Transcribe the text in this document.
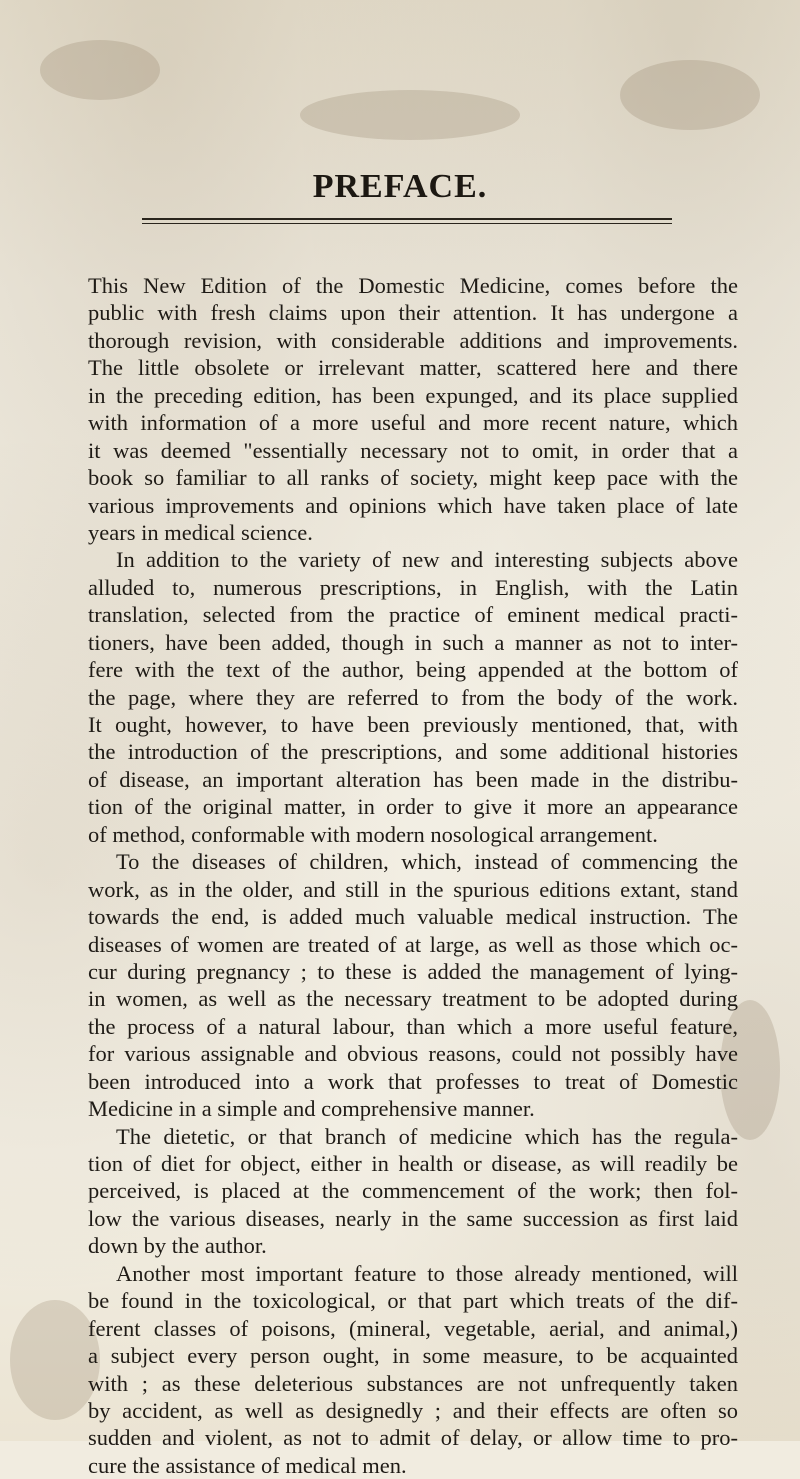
PREFACE.
This New Edition of the Domestic Medicine, comes before the
public with fresh claims upon their attention. It has undergone a
thorough revision, with considerable additions and improvements.
The little obsolete or irrelevant matter, scattered here and there
in the preceding edition, has been expunged, and its place supplied
with information of a more useful and more recent nature, which
it was deemed "essentially necessary not to omit, in order that a
book so familiar to all ranks of society, might keep pace with the
various improvements and opinions which have taken place of late
years in medical science.
In addition to the variety of new and interesting subjects above
alluded to, numerous prescriptions, in English, with the Latin
translation, selected from the practice of eminent medical practi-
tioners, have been added, though in such a manner as not to inter-
fere with the text of the author, being appended at the bottom of
the page, where they are referred to from the body of the work.
It ought, however, to have been previously mentioned, that, with
the introduction of the prescriptions, and some additional histories
of disease, an important alteration has been made in the distribu-
tion of the original matter, in order to give it more an appearance
of method, conformable with modern nosological arrangement.
To the diseases of children, which, instead of commencing the
work, as in the older, and still in the spurious editions extant, stand
towards the end, is added much valuable medical instruction. The
diseases of women are treated of at large, as well as those which oc-
cur during pregnancy ; to these is added the management of lying-
in women, as well as the necessary treatment to be adopted during
the process of a natural labour, than which a more useful feature,
for various assignable and obvious reasons, could not possibly have
been introduced into a work that professes to treat of Domestic
Medicine in a simple and comprehensive manner.
The dietetic, or that branch of medicine which has the regula-
tion of diet for object, either in health or disease, as will readily be
perceived, is placed at the commencement of the work; then fol-
low the various diseases, nearly in the same succession as first laid
down by the author.
Another most important feature to those already mentioned, will
be found in the toxicological, or that part which treats of the dif-
ferent classes of poisons, (mineral, vegetable, aerial, and animal,)
a subject every person ought, in some measure, to be acquainted
with ; as these deleterious substances are not unfrequently taken
by accident, as well as designedly ; and their effects are often so
sudden and violent, as not to admit of delay, or allow time to pro-
cure the assistance of medical men.
